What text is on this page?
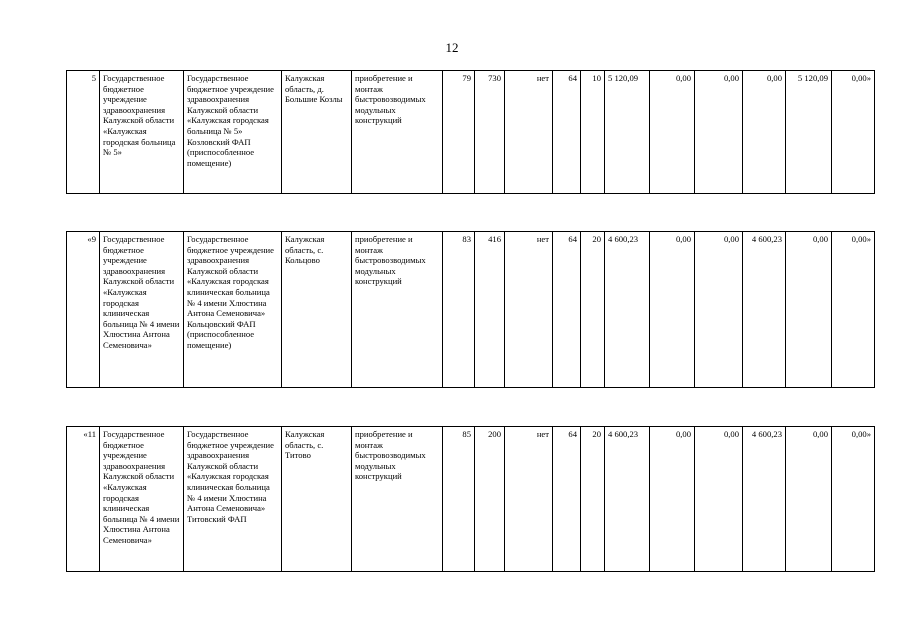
12
5	Государственное бюджетное учреждение здравоохранения Калужской области «Калужская городская больница № 5»	Государственное бюджетное учреждение здравоохранения Калужской области «Калужская городская больница № 5» Козловский ФАП (приспособленное помещение)	Калужская область, д. Большие Козлы	приобретение и монтаж быстровозводимых модульных конструкций	79	730	нет	64	10	5 120,09	0,00	0,00	0,00	5 120,09	0,00»
«9	Государственное бюджетное учреждение здравоохранения Калужской области «Калужская городская клиническая больница № 4 имени Хлюстина Антона Семеновича»	Государственное бюджетное учреждение здравоохранения Калужской области «Калужская городская клиническая больница № 4 имени Хлюстина Антона Семеновича» Кольцовский ФАП (приспособленное помещение)	Калужская область, с. Кольцово	приобретение и монтаж быстровозводимых модульных конструкций	83	416	нет	64	20	4 600,23	0,00	0,00	4 600,23	0,00	0,00»
«11	Государственное бюджетное учреждение здравоохранения Калужской области «Калужская городская клиническая больница № 4 имени Хлюстина Антона Семеновича»	Государственное бюджетное учреждение здравоохранения Калужской области «Калужская городская клиническая больница № 4 имени Хлюстина Антона Семеновича» Титовский ФАП	Калужская область, с. Титово	приобретение и монтаж быстровозводимых модульных конструкций	85	200	нет	64	20	4 600,23	0,00	0,00	4 600,23	0,00	0,00»
